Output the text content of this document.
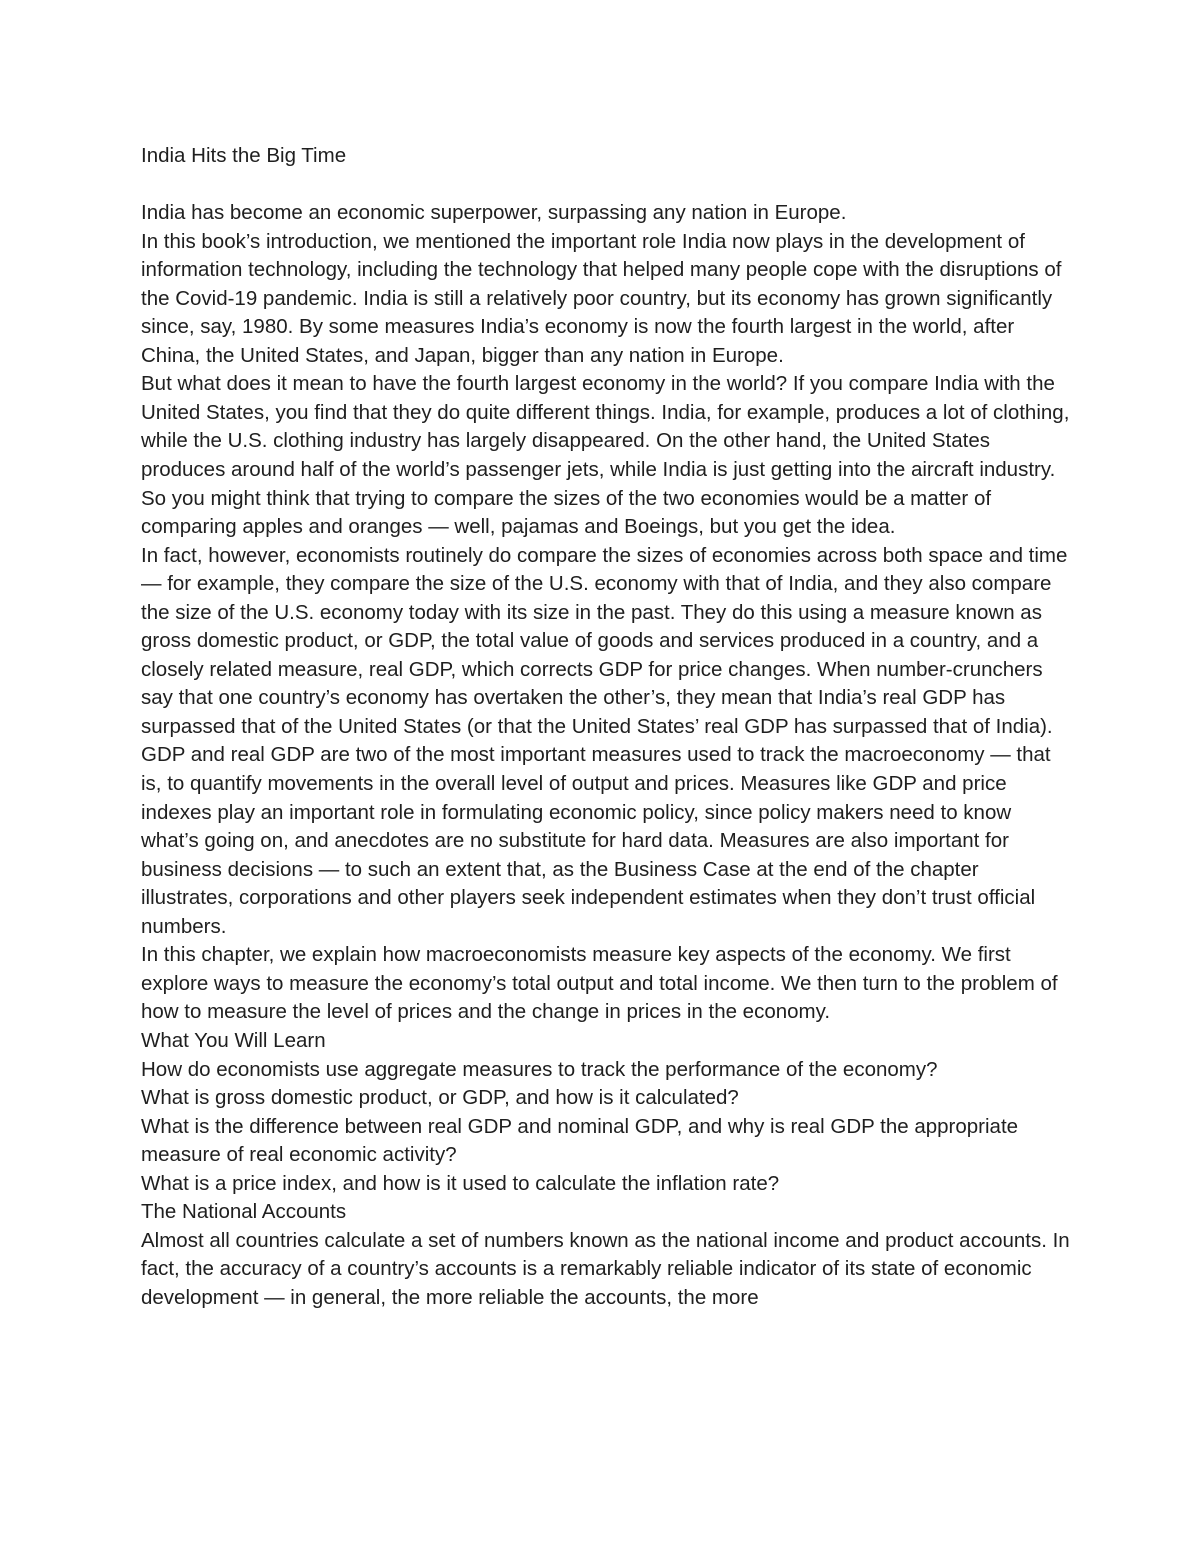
India Hits the Big Time

India has become an economic superpower, surpassing any nation in Europe.

In this book’s introduction, we mentioned the important role India now plays in the development of information technology, including the technology that helped many people cope with the disruptions of the Covid-19 pandemic. India is still a relatively poor country, but its economy has grown significantly since, say, 1980. By some measures India’s economy is now the fourth largest in the world, after China, the United States, and Japan, bigger than any nation in Europe.

But what does it mean to have the fourth largest economy in the world? If you compare India with the United States, you find that they do quite different things. India, for example, produces a lot of clothing, while the U.S. clothing industry has largely disappeared. On the other hand, the United States produces around half of the world’s passenger jets, while India is just getting into the aircraft industry. So you might think that trying to compare the sizes of the two economies would be a matter of comparing apples and oranges — well, pajamas and Boeings, but you get the idea.

In fact, however, economists routinely do compare the sizes of economies across both space and time — for example, they compare the size of the U.S. economy with that of India, and they also compare the size of the U.S. economy today with its size in the past. They do this using a measure known as gross domestic product, or GDP, the total value of goods and services produced in a country, and a closely related measure, real GDP, which corrects GDP for price changes. When number-crunchers say that one country’s economy has overtaken the other’s, they mean that India’s real GDP has surpassed that of the United States (or that the United States’ real GDP has surpassed that of India).

GDP and real GDP are two of the most important measures used to track the macroeconomy — that is, to quantify movements in the overall level of output and prices. Measures like GDP and price indexes play an important role in formulating economic policy, since policy makers need to know what’s going on, and anecdotes are no substitute for hard data. Measures are also important for business decisions — to such an extent that, as the Business Case at the end of the chapter illustrates, corporations and other players seek independent estimates when they don’t trust official numbers.

In this chapter, we explain how macroeconomists measure key aspects of the economy. We first explore ways to measure the economy’s total output and total income. We then turn to the problem of how to measure the level of prices and the change in prices in the economy.

What You Will Learn

How do economists use aggregate measures to track the performance of the economy?

What is gross domestic product, or GDP, and how is it calculated?

What is the difference between real GDP and nominal GDP, and why is real GDP the appropriate measure of real economic activity?

What is a price index, and how is it used to calculate the inflation rate?

The National Accounts

Almost all countries calculate a set of numbers known as the national income and product accounts. In fact, the accuracy of a country’s accounts is a remarkably reliable indicator of its state of economic development — in general, the more reliable the accounts, the more
